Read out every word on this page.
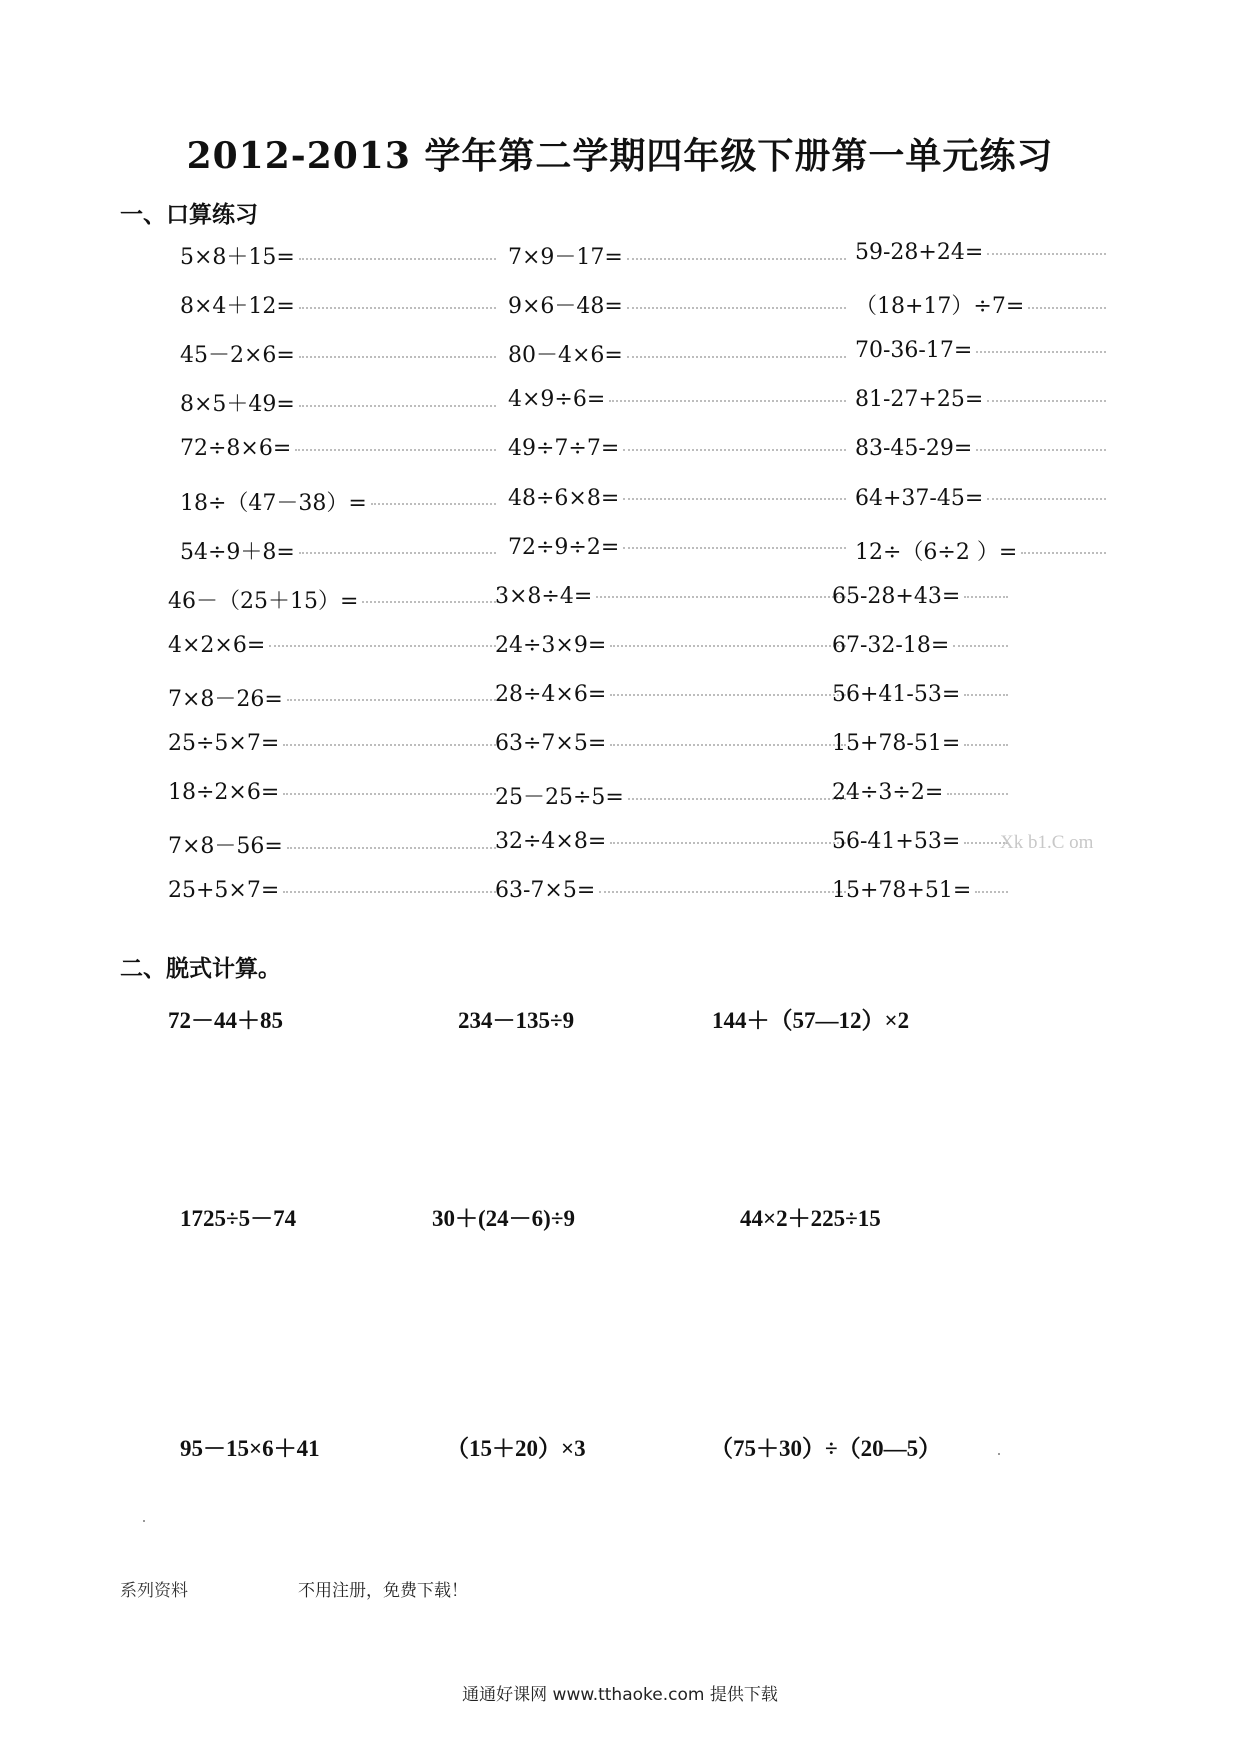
2012-2013 学年第二学期四年级下册第一单元练习
一、口算练习
5×8＋15=	7×9－17=	59-28+24=
8×4＋12=	9×6－48=	（18+17）÷7=
45－2×6=	80－4×6=	70-36-17=
8×5＋49=	4×9÷6=	81-27+25=
72÷8×6=	49÷7÷7=	83-45-29=
18÷（47－38）=	48÷6×8=	64+37-45=
54÷9＋8=	72÷9÷2=	12÷（6÷2 ）=
46－（25＋15）=	3×8÷4=	65-28+43=
4×2×6=	24÷3×9=	67-32-18=
7×8－26=	28÷4×6=	56+41-53=
25÷5×7=	63÷7×5=	15+78-51=
18÷2×6=	25－25÷5=	24÷3÷2=
7×8－56=	32÷4×8=	56-41+53=
25+5×7=	63-7×5=	15+78+51=
Xk b1.C om
二、脱式计算。
72－44＋85	234－135÷9	144＋（57—12）×2
1725÷5－74	30＋(24－6)÷9	44×2＋225÷15
95－15×6＋41	（15＋20）×3	（75＋30）÷（20—5）
系列资料	不用注册，免费下载！
通通好课网 www.tthaoke.com 提供下载
